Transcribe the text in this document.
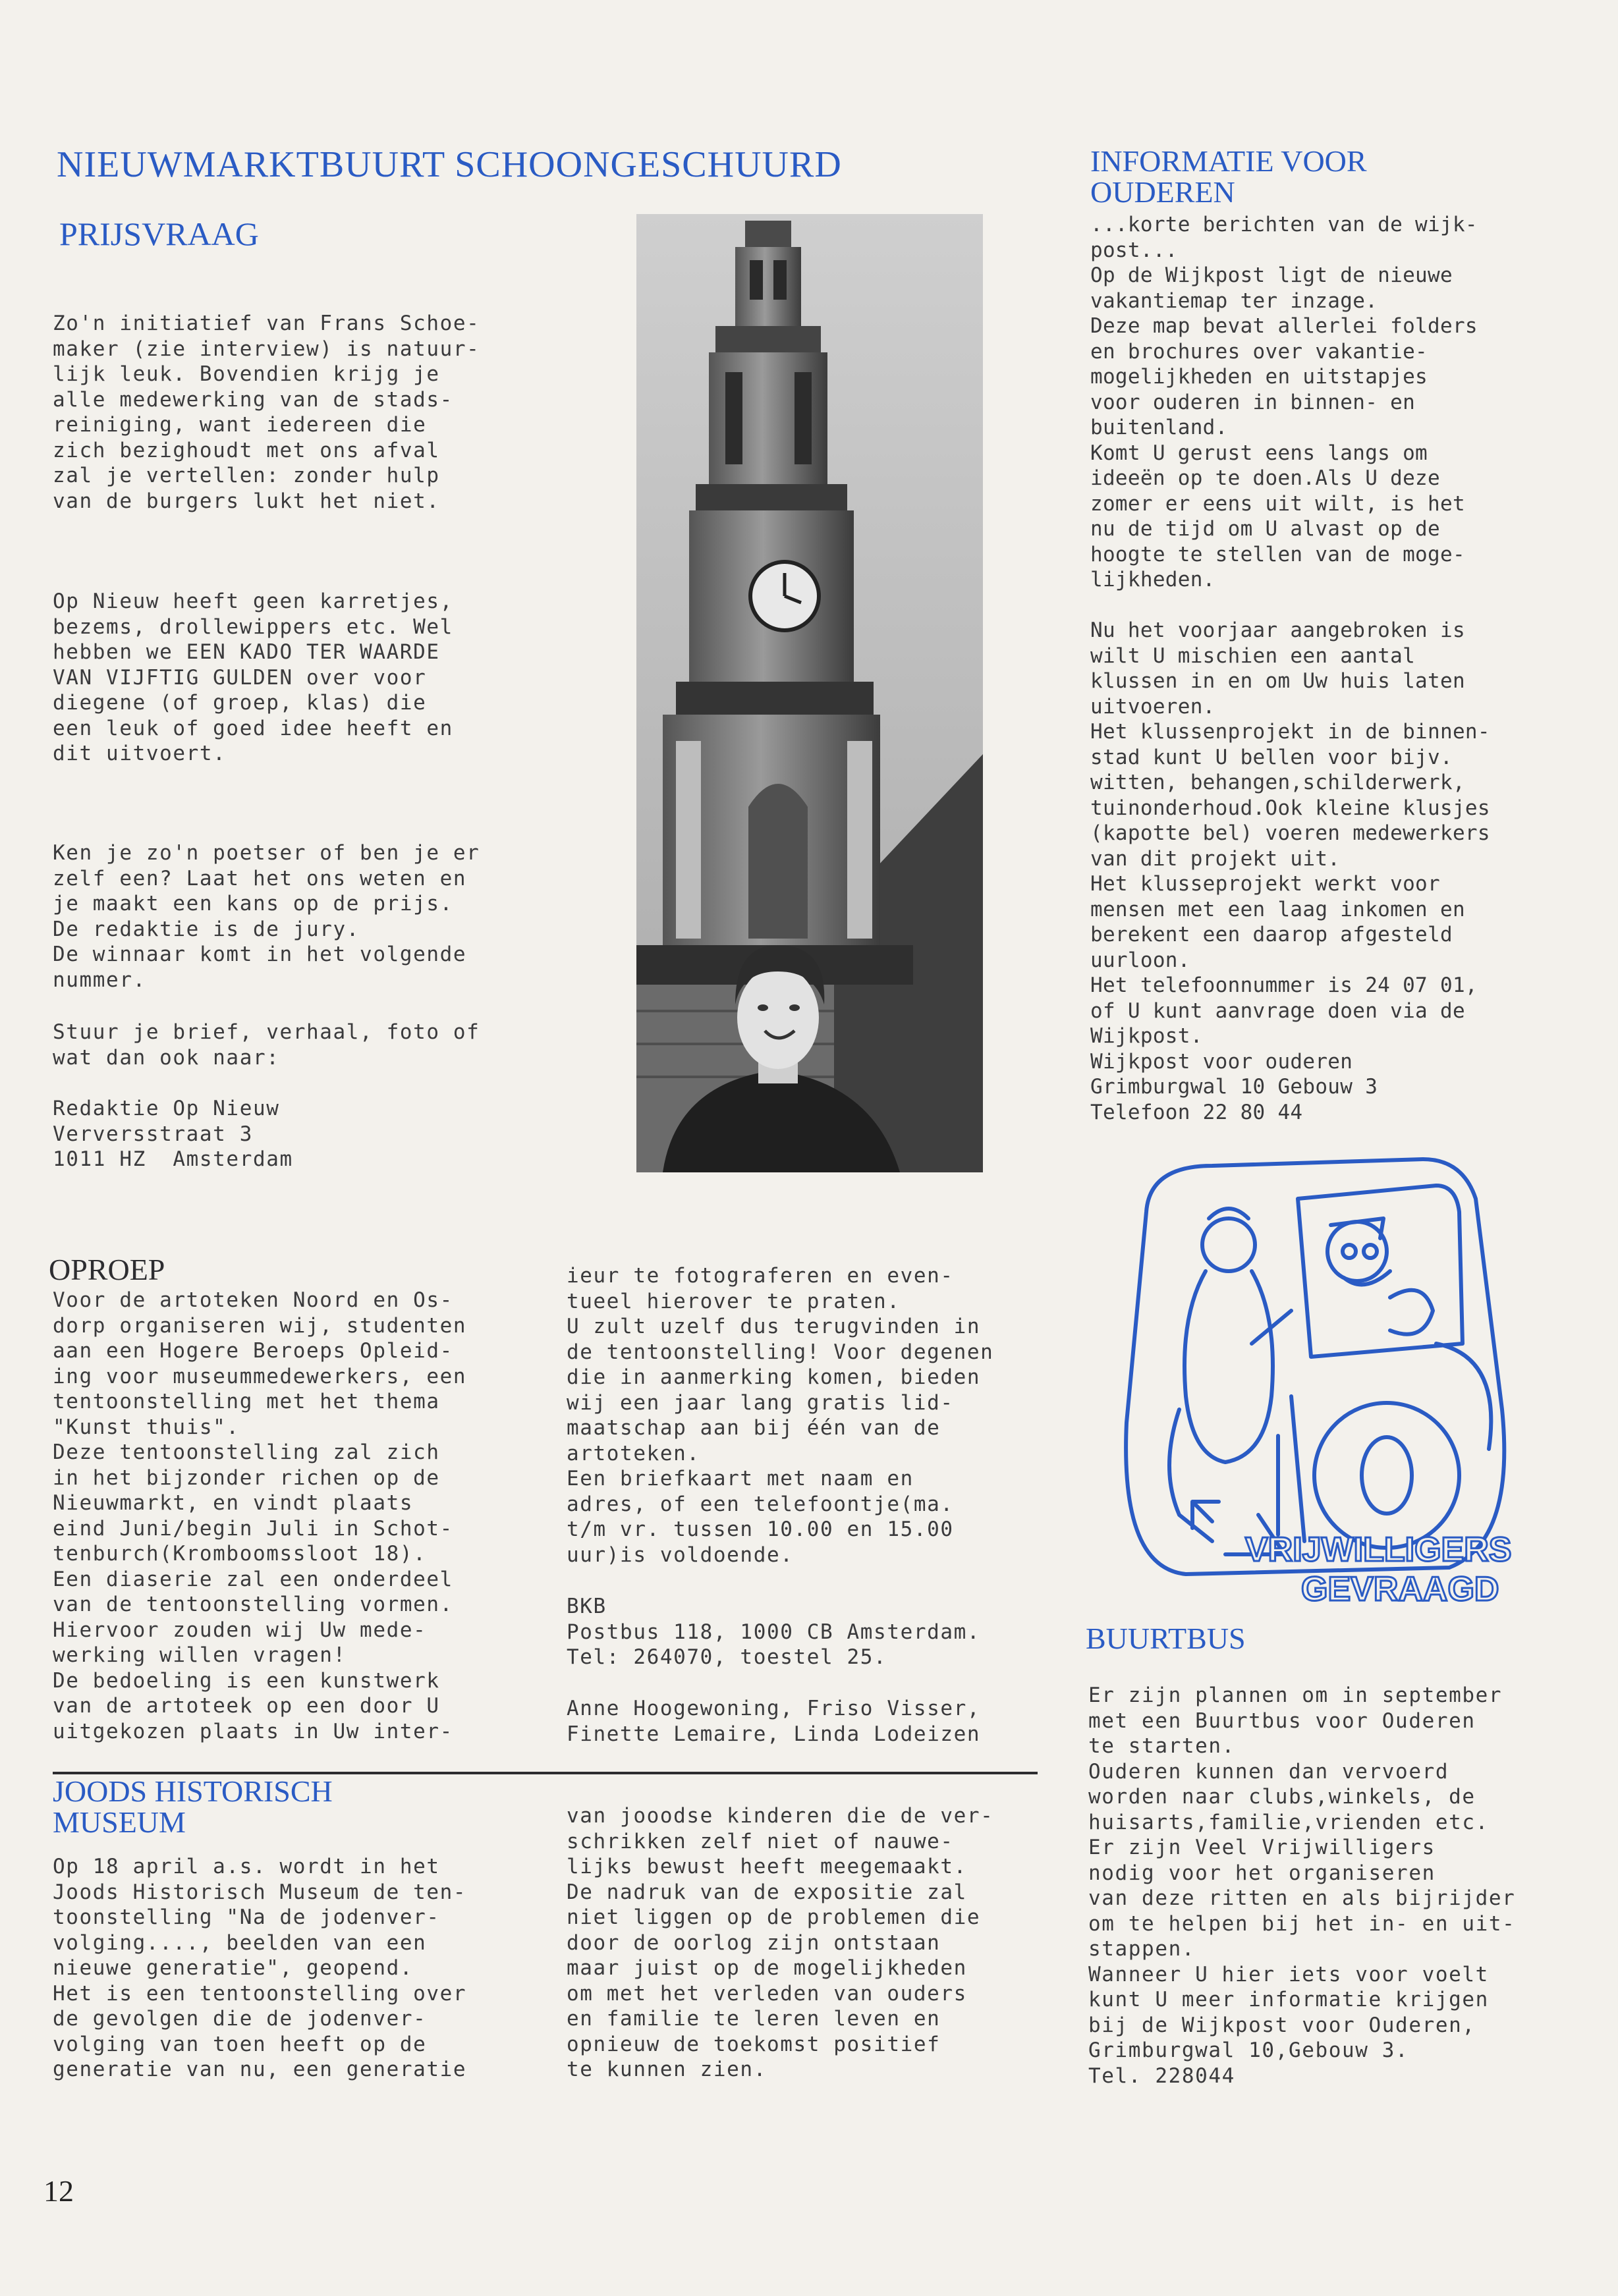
NIEUWMARKTBUURT SCHOONGESCHUURD
PRIJSVRAAG

Zo'n initiatief van Frans Schoe-
maker (zie interview) is natuur-
lijk leuk. Bovendien krijg je
alle medewerking van de stads-
reiniging, want iedereen die
zich bezighoudt met ons afval
zal je vertellen: zonder hulp
van de burgers lukt het niet.

Op Nieuw heeft geen karretjes,
bezems, drollewippers etc. Wel
hebben we EEN KADO TER WAARDE
VAN VIJFTIG GULDEN over voor
diegene (of groep, klas) die
een leuk of goed idee heeft en
dit uitvoert.

Ken je zo'n poetser of ben je er
zelf een? Laat het ons weten en
je maakt een kans op de prijs.
De redaktie is de jury.
De winnaar komt in het volgende
nummer.

Stuur je brief, verhaal, foto of
wat dan ook naar:

Redaktie Op Nieuw
Verversstraat 3
1011 HZ  Amsterdam

INFORMATIE VOOR
OUDEREN

...korte berichten van de wijk-
post...
Op de Wijkpost ligt de nieuwe
vakantiemap ter inzage.
Deze map bevat allerlei folders
en brochures over vakantie-
mogelijkheden en uitstapjes
voor ouderen in binnen- en
buitenland.
Komt U gerust eens langs om
ideeën op te doen.Als U deze
zomer er eens uit wilt, is het
nu de tijd om U alvast op de
hoogte te stellen van de moge-
lijkheden.

Nu het voorjaar aangebroken is
wilt U mischien een aantal
klussen in en om Uw huis laten
uitvoeren.
Het klussenprojekt in de binnen-
stad kunt U bellen voor bijv.
witten, behangen,schilderwerk,
tuinonderhoud.Ook kleine klusjes
(kapotte bel) voeren medewerkers
van dit projekt uit.
Het klusseprojekt werkt voor
mensen met een laag inkomen en
berekent een daarop afgesteld
uurloon.
Het telefoonnummer is 24 07 01,
of U kunt aanvrage doen via de
Wijkpost.
Wijkpost voor ouderen
Grimburgwal 10 Gebouw 3
Telefoon 22 80 44

VRIJWILLIGERS
GEVRAAGD
BUURTBUS

Er zijn plannen om in september
met een Buurtbus voor Ouderen
te starten.
Ouderen kunnen dan vervoerd
worden naar clubs,winkels, de
huisarts,familie,vrienden etc.
Er zijn Veel Vrijwilligers
nodig voor het organiseren
van deze ritten en als bijrijder
om te helpen bij het in- en uit-
stappen.
Wanneer U hier iets voor voelt
kunt U meer informatie krijgen
bij de Wijkpost voor Ouderen,
Grimburgwal 10,Gebouw 3.
Tel. 228044

OPROEP

Voor de artoteken Noord en Os-
dorp organiseren wij, studenten
aan een Hogere Beroeps Opleid-
ing voor museummedewerkers, een
tentoonstelling met het thema
"Kunst thuis".
Deze tentoonstelling zal zich
in het bijzonder richen op de
Nieuwmarkt, en vindt plaats
eind Juni/begin Juli in Schot-
tenburch(Kromboomssloot 18).
Een diaserie zal een onderdeel
van de tentoonstelling vormen.
Hiervoor zouden wij Uw mede-
werking willen vragen!
De bedoeling is een kunstwerk
van de artoteek op een door U
uitgekozen plaats in Uw inter-

ieur te fotograferen en even-
tueel hierover te praten.
U zult uzelf dus terugvinden in
de tentoonstelling! Voor degenen
die in aanmerking komen, bieden
wij een jaar lang gratis lid-
maatschap aan bij één van de
artoteken.
Een briefkaart met naam en
adres, of een telefoontje(ma.
t/m vr. tussen 10.00 en 15.00
uur)is voldoende.

BKB
Postbus 118, 1000 CB Amsterdam.
Tel: 264070, toestel 25.

Anne Hoogewoning, Friso Visser,
Finette Lemaire, Linda Lodeizen

JOODS HISTORISCH
MUSEUM

Op 18 april a.s. wordt in het
Joods Historisch Museum de ten-
toonstelling "Na de jodenver-
volging...., beelden van een
nieuwe generatie", geopend.
Het is een tentoonstelling over
de gevolgen die de jodenver-
volging van toen heeft op de
generatie van nu, een generatie

van jooodse kinderen die de ver-
schrikken zelf niet of nauwe-
lijks bewust heeft meegemaakt.
De nadruk van de expositie zal
niet liggen op de problemen die
door de oorlog zijn ontstaan
maar juist op de mogelijkheden
om met het verleden van ouders
en familie te leren leven en
opnieuw de toekomst positief
te kunnen zien.

12
